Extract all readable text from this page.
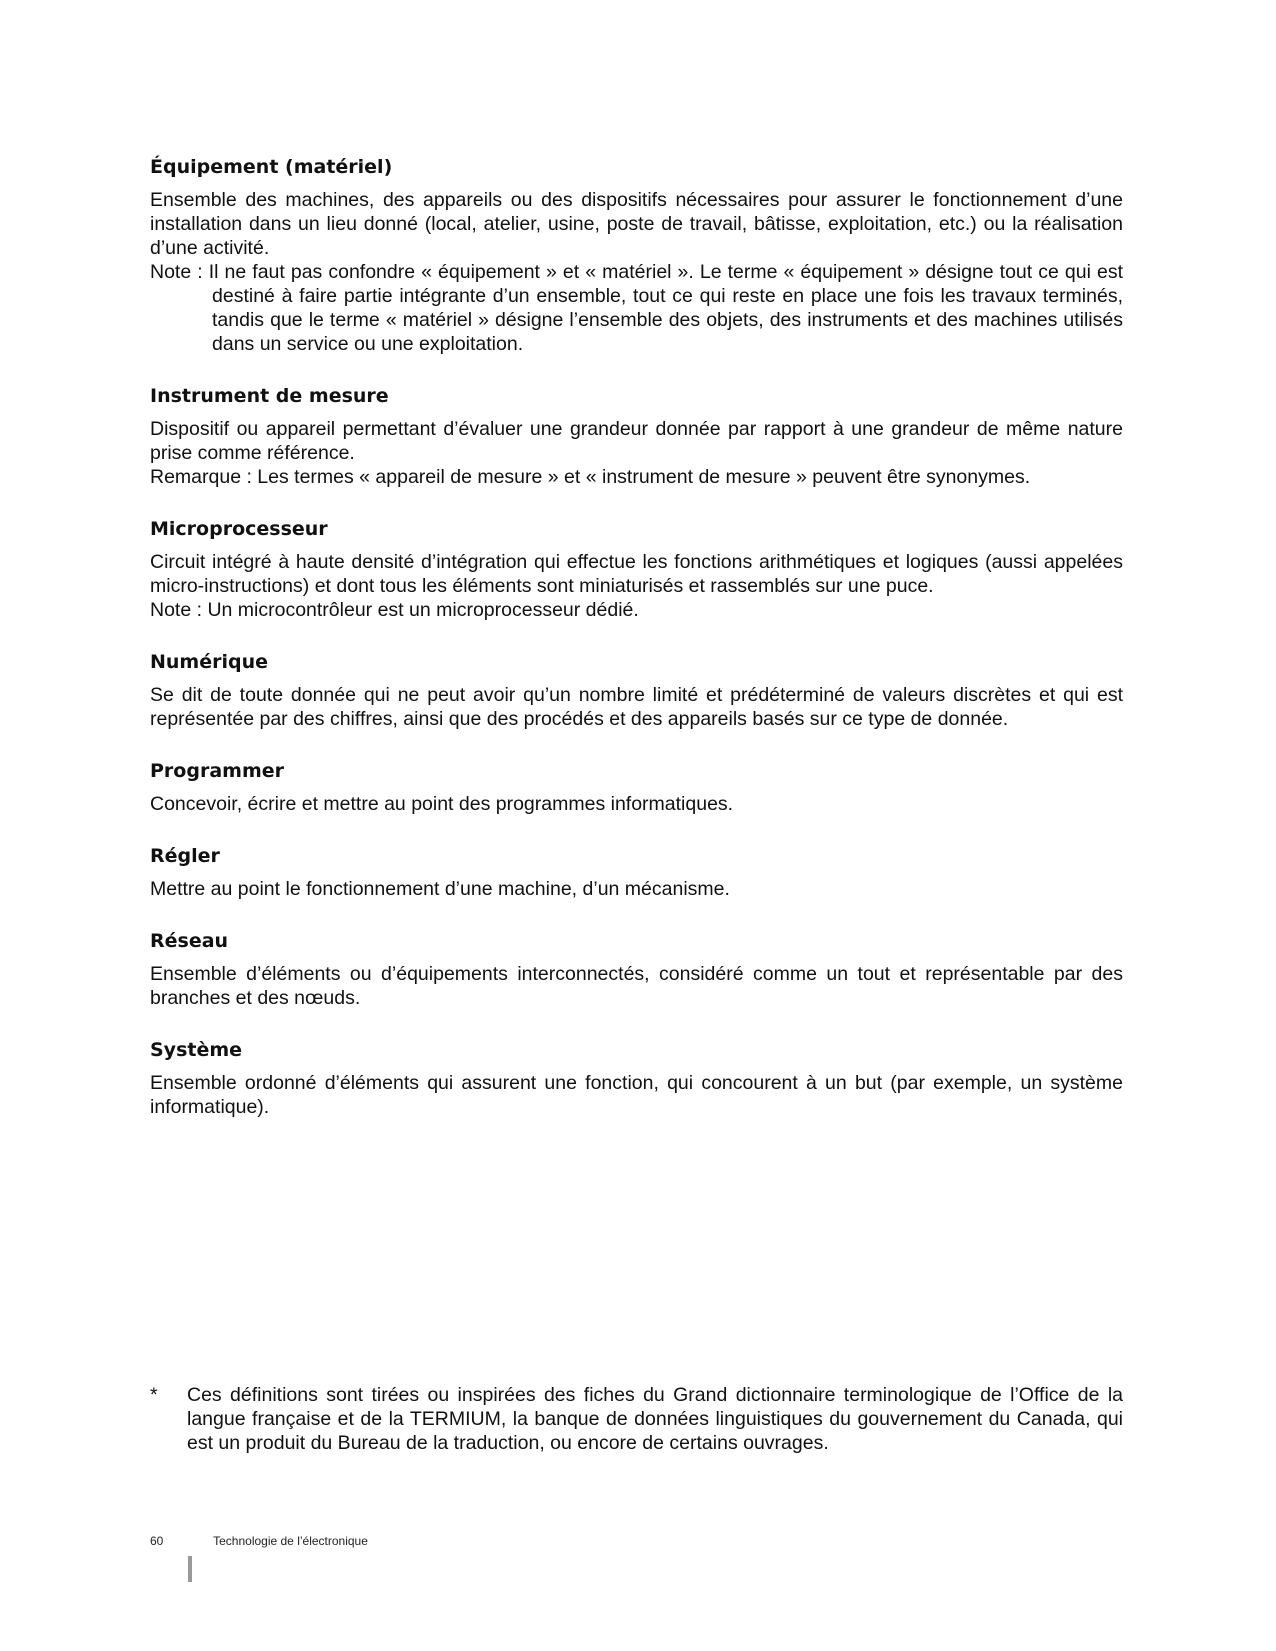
Équipement (matériel)

Ensemble des machines, des appareils ou des dispositifs nécessaires pour assurer le fonctionnement d’une installation dans un lieu donné (local, atelier, usine, poste de travail, bâtisse, exploitation, etc.) ou la réalisation d’une activité.

Note : Il ne faut pas confondre « équipement » et « matériel ». Le terme « équipement » désigne tout ce qui est destiné à faire partie intégrante d’un ensemble, tout ce qui reste en place une fois les travaux terminés, tandis que le terme « matériel » désigne l’ensemble des objets, des instruments et des machines utilisés dans un service ou une exploitation.

Instrument de mesure

Dispositif ou appareil permettant d’évaluer une grandeur donnée par rapport à une grandeur de même nature prise comme référence.

Remarque : Les termes « appareil de mesure » et « instrument de mesure » peuvent être synonymes.

Microprocesseur

Circuit intégré à haute densité d’intégration qui effectue les fonctions arithmétiques et logiques (aussi appelées micro-instructions) et dont tous les éléments sont miniaturisés et rassemblés sur une puce.

Note : Un microcontrôleur est un microprocesseur dédié.

Numérique

Se dit de toute donnée qui ne peut avoir qu’un nombre limité et prédéterminé de valeurs discrètes et qui est représentée par des chiffres, ainsi que des procédés et des appareils basés sur ce type de donnée.

Programmer

Concevoir, écrire et mettre au point des programmes informatiques.

Régler

Mettre au point le fonctionnement d’une machine, d’un mécanisme.

Réseau

Ensemble d’éléments ou d’équipements interconnectés, considéré comme un tout et représentable par des branches et des nœuds.

Système

Ensemble ordonné d’éléments qui assurent une fonction, qui concourent à un but (par exemple, un système informatique).

* Ces définitions sont tirées ou inspirées des fiches du Grand dictionnaire terminologique de l’Office de la langue française et de la TERMIUM, la banque de données linguistiques du gouvernement du Canada, qui est un produit du Bureau de la traduction, ou encore de certains ouvrages.
60	Technologie de l’électronique
